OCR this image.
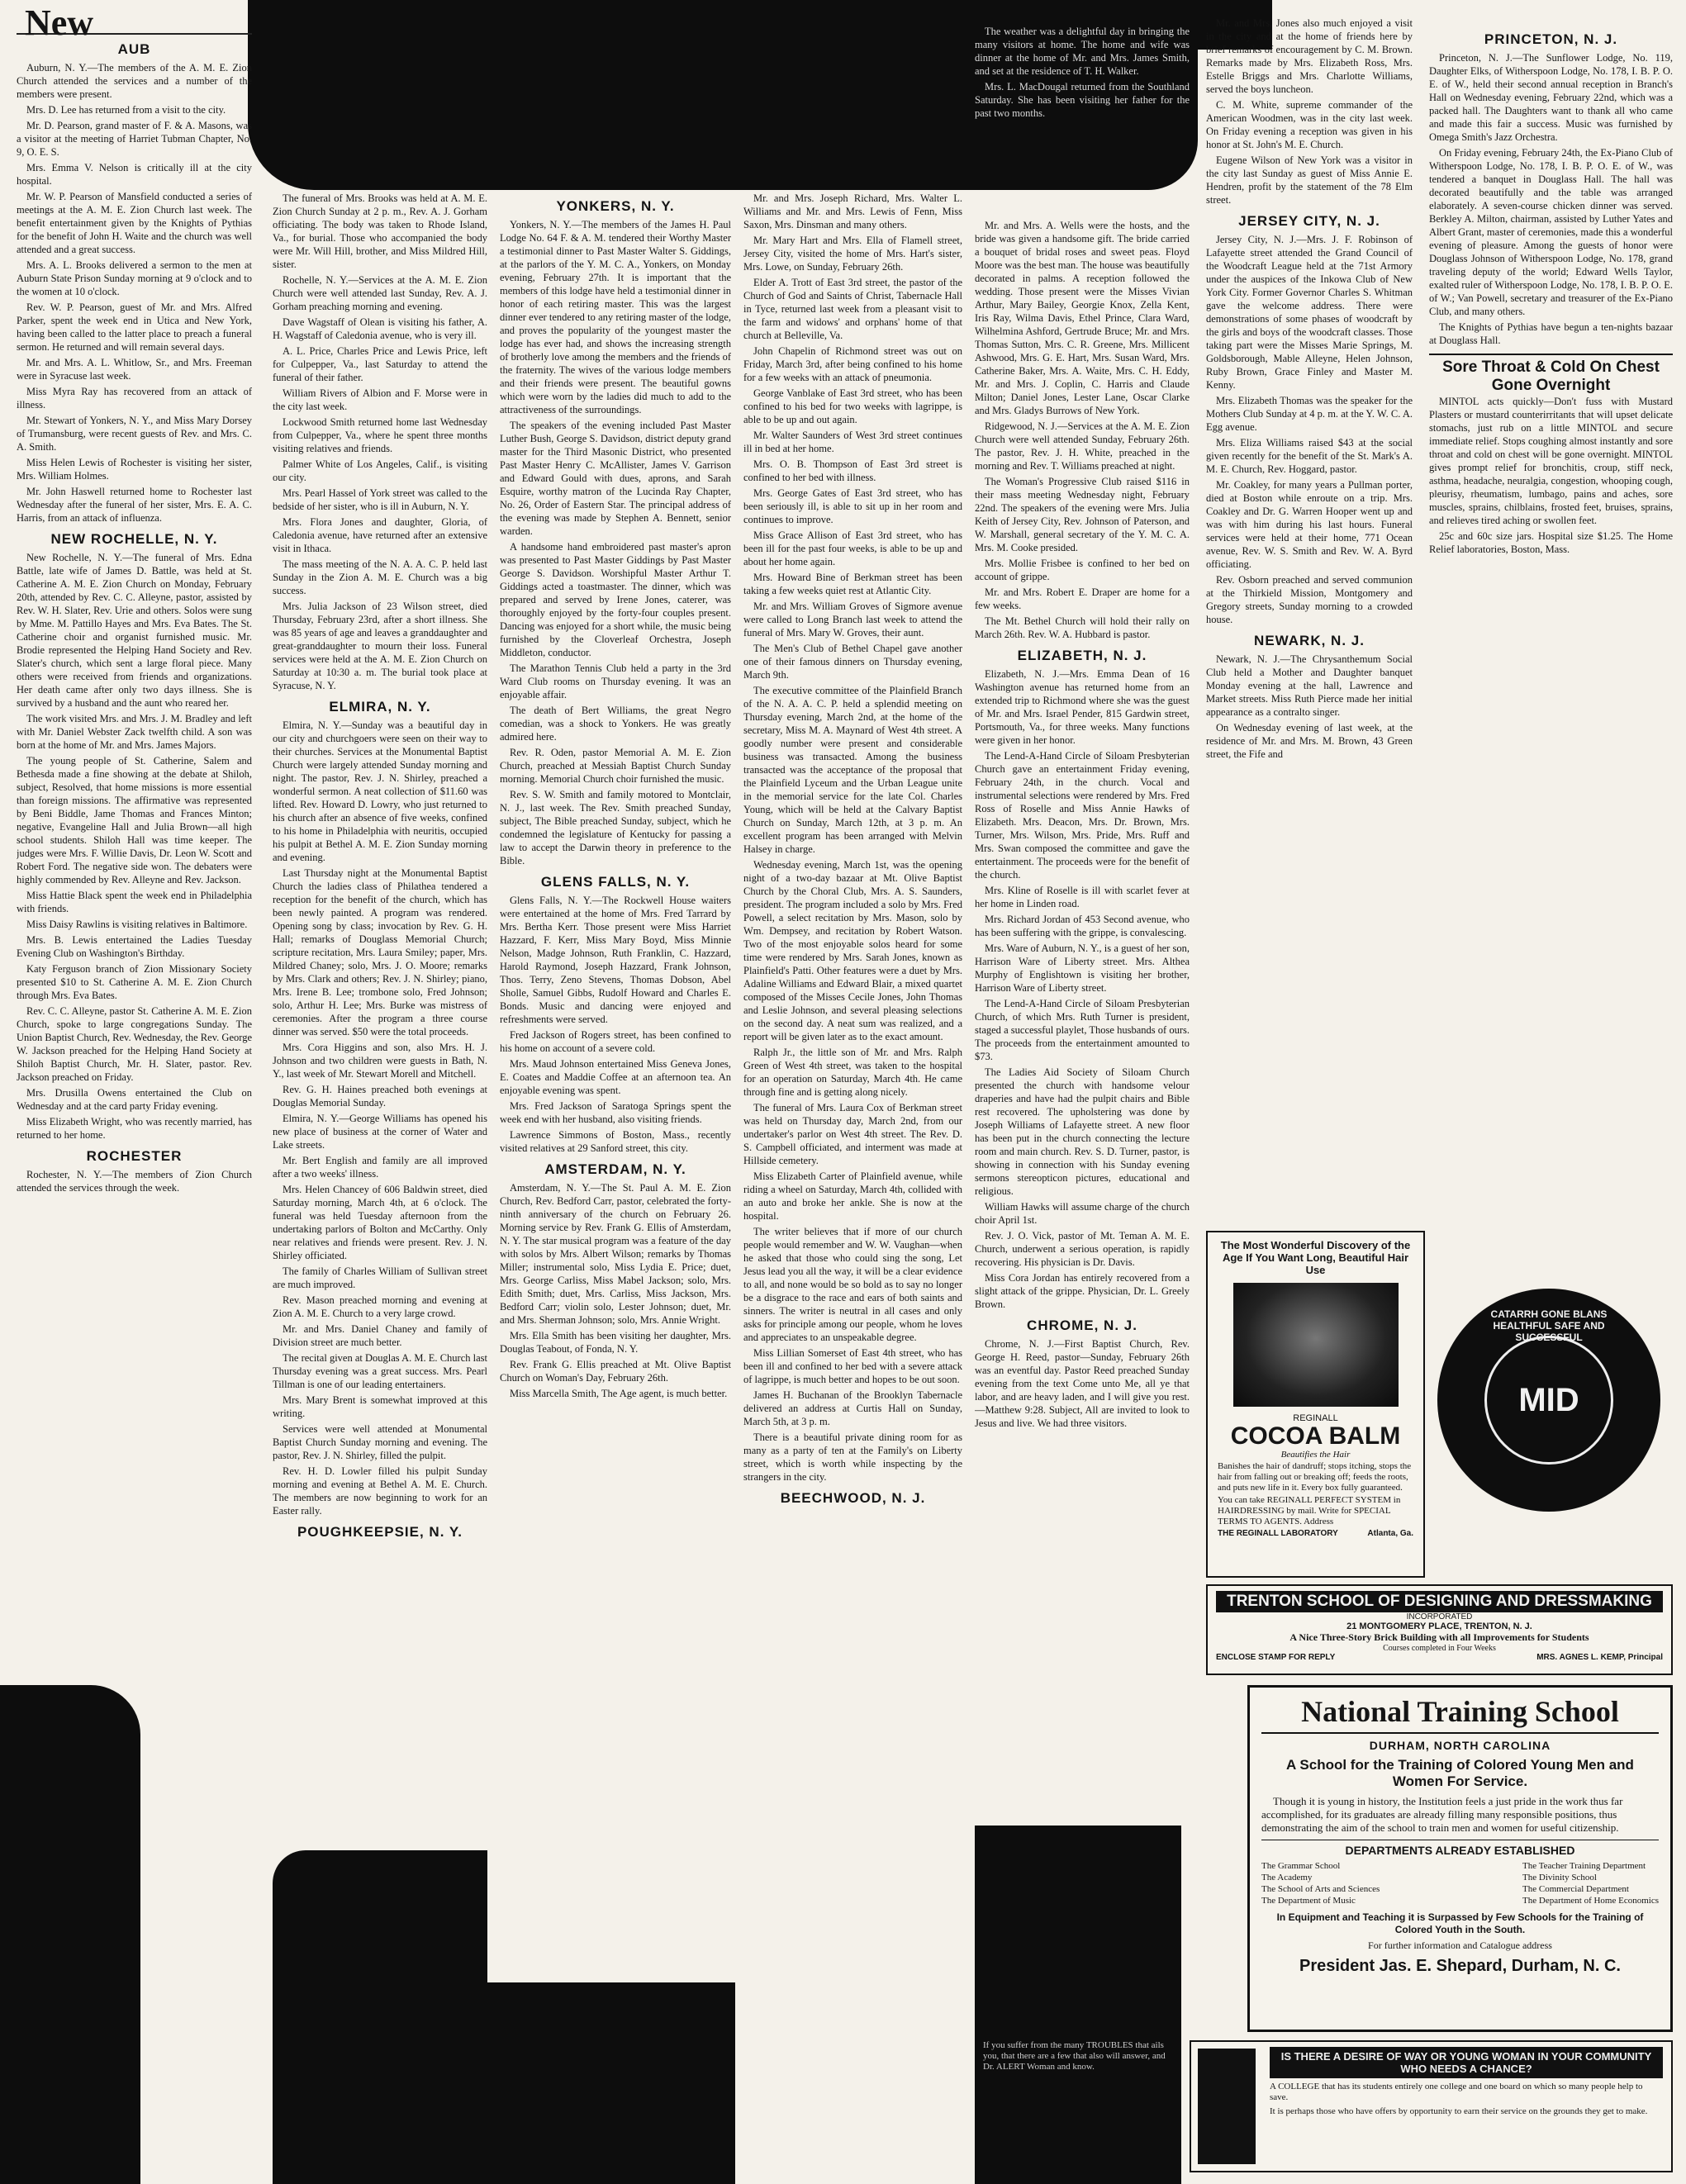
New
AUB

Auburn, N. Y.—The members of the A. M. E. Zion Church attended the services and a number of the members were present.

Mrs. D. Lee has returned from a visit to the city.

Mr. D. Pearson, grand master of F. & A. Masons, was a visitor at the meeting of Harriet Tubman Chapter, No. 9, O. E. S.

Mrs. Emma V. Nelson is critically ill at the city hospital.

Mr. W. P. Pearson of Mansfield conducted a series of meetings at the A. M. E. Zion Church last week. The benefit entertainment given by the Knights of Pythias for the benefit of John H. Waite and the church was well attended and a great success.

Mrs. A. L. Brooks delivered a sermon to the men at Auburn State Prison Sunday morning at 9 o'clock and to the women at 10 o'clock.

Rev. W. P. Pearson, guest of Mr. and Mrs. Alfred Parker, spent the week end in Utica and New York, having been called to the latter place to preach a funeral sermon. He returned and will remain several days.

Mr. and Mrs. A. L. Whitlow, Sr., and Mrs. Freeman were in Syracuse last week.

Miss Myra Ray has recovered from an attack of illness.

Mr. Stewart of Yonkers, N. Y., and Miss Mary Dorsey of Trumansburg, were recent guests of Rev. and Mrs. C. A. Smith.

Miss Helen Lewis of Rochester is visiting her sister, Mrs. William Holmes.

Mr. John Haswell returned home to Rochester last Wednesday after the funeral of her sister, Mrs. E. A. C. Harris, from an attack of influenza.

NEW ROCHELLE, N. Y.

New Rochelle, N. Y.—The funeral of Mrs. Edna Battle, late wife of James D. Battle, was held at St. Catherine A. M. E. Zion Church on Monday, February 20th, attended by Rev. C. C. Alleyne, pastor, assisted by Rev. W. H. Slater, Rev. Urie and others. Solos were sung by Mme. M. Pattillo Hayes and Mrs. Eva Bates. The St. Catherine choir and organist furnished music. Mr. Brodie represented the Helping Hand Society and Rev. Slater's church, which sent a large floral piece. Many others were received from friends and organizations. Her death came after only two days illness. She is survived by a husband and the aunt who reared her.

The work visited Mrs. and Mrs. J. M. Bradley and left with Mr. Daniel Webster Zack twelfth child. A son was born at the home of Mr. and Mrs. James Majors.

The young people of St. Catherine, Salem and Bethesda made a fine showing at the debate at Shiloh, subject, Resolved, that home missions is more essential than foreign missions. The affirmative was represented by Beni Biddle, Jame Thomas and Frances Minton; negative, Evangeline Hall and Julia Brown—all high school students. Shiloh Hall was time keeper. The judges were Mrs. F. Willie Davis, Dr. Leon W. Scott and Robert Ford. The negative side won. The debaters were highly commended by Rev. Alleyne and Rev. Jackson.

Miss Hattie Black spent the week end in Philadelphia with friends.

Miss Daisy Rawlins is visiting relatives in Baltimore.

Mrs. B. Lewis entertained the Ladies Tuesday Evening Club on Washington's Birthday.

Katy Ferguson branch of Zion Missionary Society presented $10 to St. Catherine A. M. E. Zion Church through Mrs. Eva Bates.

Rev. C. C. Alleyne, pastor St. Catherine A. M. E. Zion Church, spoke to large congregations Sunday. The Union Baptist Church, Rev. Wednesday, the Rev. George W. Jackson preached for the Helping Hand Society at Shiloh Baptist Church, Mr. H. Slater, pastor. Rev. Jackson preached on Friday.

Mrs. Drusilla Owens entertained the Club on Wednesday and at the card party Friday evening.

Miss Elizabeth Wright, who was recently married, has returned to her home.

ROCHESTER

Rochester, N. Y.—The members of Zion Church attended the services through the week.

The funeral of Mrs. Brooks was held at A. M. E. Zion Church Sunday at 2 p. m., Rev. A. J. Gorham officiating. The body was taken to Rhode Island, Va., for burial. Those who accompanied the body were Mr. Will Hill, brother, and Miss Mildred Hill, sister.

Rochelle, N. Y.—Services at the A. M. E. Zion Church were well attended last Sunday, Rev. A. J. Gorham preaching morning and evening.

Dave Wagstaff of Olean is visiting his father, A. H. Wagstaff of Caledonia avenue, who is very ill.

A. L. Price, Charles Price and Lewis Price, left for Culpepper, Va., last Saturday to attend the funeral of their father.

William Rivers of Albion and F. Morse were in the city last week.

Lockwood Smith returned home last Wednesday from Culpepper, Va., where he spent three months visiting relatives and friends.

Palmer White of Los Angeles, Calif., is visiting our city.

Mrs. Pearl Hassel of York street was called to the bedside of her sister, who is ill in Auburn, N. Y.

Mrs. Flora Jones and daughter, Gloria, of Caledonia avenue, have returned after an extensive visit in Ithaca.

The mass meeting of the N. A. A. C. P. held last Sunday in the Zion A. M. E. Church was a big success.

Mrs. Julia Jackson of 23 Wilson street, died Thursday, February 23rd, after a short illness. She was 85 years of age and leaves a granddaughter and great-granddaughter to mourn their loss. Funeral services were held at the A. M. E. Zion Church on Saturday at 10:30 a. m. The burial took place at Syracuse, N. Y.

ELMIRA, N. Y.

Elmira, N. Y.—Sunday was a beautiful day in our city and churchgoers were seen on their way to their churches. Services at the Monumental Baptist Church were largely attended Sunday morning and night. The pastor, Rev. J. N. Shirley, preached a wonderful sermon. A neat collection of $11.60 was lifted. Rev. Howard D. Lowry, who just returned to his church after an absence of five weeks, confined to his home in Philadelphia with neuritis, occupied his pulpit at Bethel A. M. E. Zion Sunday morning and evening.

Last Thursday night at the Monumental Baptist Church the ladies class of Philathea tendered a reception for the benefit of the church, which has been newly painted. A program was rendered. Opening song by class; invocation by Rev. G. H. Hall; remarks of Douglass Memorial Church; scripture recitation, Mrs. Laura Smiley; paper, Mrs. Mildred Chaney; solo, Mrs. J. O. Moore; remarks by Mrs. Clark and others; Rev. J. N. Shirley; piano, Mrs. Irene B. Lee; trombone solo, Fred Johnson; solo, Arthur H. Lee; Mrs. Burke was mistress of ceremonies. After the program a three course dinner was served. $50 were the total proceeds.

Mrs. Cora Higgins and son, also Mrs. H. J. Johnson and two children were guests in Bath, N. Y., last week of Mr. Stewart Morell and Mitchell.

Rev. G. H. Haines preached both evenings at Douglas Memorial Sunday.

Elmira, N. Y.—George Williams has opened his new place of business at the corner of Water and Lake streets.

Mr. Bert English and family are all improved after a two weeks' illness.

Mrs. Helen Chancey of 606 Baldwin street, died Saturday morning, March 4th, at 6 o'clock. The funeral was held Tuesday afternoon from the undertaking parlors of Bolton and McCarthy. Only near relatives and friends were present. Rev. J. N. Shirley officiated.

The family of Charles William of Sullivan street are much improved.

Rev. Mason preached morning and evening at Zion A. M. E. Church to a very large crowd.

Mr. and Mrs. Daniel Chaney and family of Division street are much better.

The recital given at Douglas A. M. E. Church last Thursday evening was a great success. Mrs. Pearl Tillman is one of our leading entertainers.

Mrs. Mary Brent is somewhat improved at this writing.

Services were well attended at Monumental Baptist Church Sunday morning and evening. The pastor, Rev. J. N. Shirley, filled the pulpit.

Rev. H. D. Lowler filled his pulpit Sunday morning and evening at Bethel A. M. E. Church. The members are now beginning to work for an Easter rally.

POUGHKEEPSIE, N. Y.
YONKERS, N. Y.

Yonkers, N. Y.—The members of the James H. Paul Lodge No. 64 F. & A. M. tendered their Worthy Master a testimonial dinner to Past Master Walter S. Giddings, at the parlors of the Y. M. C. A., Yonkers, on Monday evening, February 27th. It is important that the members of this lodge have held a testimonial dinner in honor of each retiring master. This was the largest dinner ever tendered to any retiring master of the lodge, and proves the popularity of the youngest master the lodge has ever had, and shows the increasing strength of brotherly love among the members and the friends of the fraternity. The wives of the various lodge members and their friends were present. The beautiful gowns which were worn by the ladies did much to add to the attractiveness of the surroundings.

The speakers of the evening included Past Master Luther Bush, George S. Davidson, district deputy grand master for the Third Masonic District, who presented Past Master Henry C. McAllister, James V. Garrison and Edward Gould with dues, aprons, and Sarah Esquire, worthy matron of the Lucinda Ray Chapter, No. 26, Order of Eastern Star. The principal address of the evening was made by Stephen A. Bennett, senior warden.

A handsome hand embroidered past master's apron was presented to Past Master Giddings by Past Master George S. Davidson. Worshipful Master Arthur T. Giddings acted a toastmaster. The dinner, which was prepared and served by Irene Jones, caterer, was thoroughly enjoyed by the forty-four couples present. Dancing was enjoyed for a short while, the music being furnished by the Cloverleaf Orchestra, Joseph Middleton, conductor.

The Marathon Tennis Club held a party in the 3rd Ward Club rooms on Thursday evening. It was an enjoyable affair.

The death of Bert Williams, the great Negro comedian, was a shock to Yonkers. He was greatly admired here.

Rev. R. Oden, pastor Memorial A. M. E. Zion Church, preached at Messiah Baptist Church Sunday morning. Memorial Church choir furnished the music.

Rev. S. W. Smith and family motored to Montclair, N. J., last week. The Rev. Smith preached Sunday, subject, The Bible preached Sunday, subject, which he condemned the legislature of Kentucky for passing a law to accept the Darwin theory in preference to the Bible.

GLENS FALLS, N. Y.

Glens Falls, N. Y.—The Rockwell House waiters were entertained at the home of Mrs. Fred Tarrard by Mrs. Bertha Kerr. Those present were Miss Harriet Hazzard, F. Kerr, Miss Mary Boyd, Miss Minnie Nelson, Madge Johnson, Ruth Franklin, C. Hazzard, Harold Raymond, Joseph Hazzard, Frank Johnson, Thos. Terry, Zeno Stevens, Thomas Dobson, Abel Sholle, Samuel Gibbs, Rudolf Howard and Charles E. Bonds. Music and dancing were enjoyed and refreshments were served.

Fred Jackson of Rogers street, has been confined to his home on account of a severe cold.

Mrs. Maud Johnson entertained Miss Geneva Jones, E. Coates and Maddie Coffee at an afternoon tea. An enjoyable evening was spent.

Mrs. Fred Jackson of Saratoga Springs spent the week end with her husband, also visiting friends.

Lawrence Simmons of Boston, Mass., recently visited relatives at 29 Sanford street, this city.

AMSTERDAM, N. Y.

Amsterdam, N. Y.—The St. Paul A. M. E. Zion Church, Rev. Bedford Carr, pastor, celebrated the forty-ninth anniversary of the church on February 26. Morning service by Rev. Frank G. Ellis of Amsterdam, N. Y. The star musical program was a feature of the day with solos by Mrs. Albert Wilson; remarks by Thomas Miller; instrumental solo, Miss Lydia E. Price; duet, Mrs. George Carliss, Miss Mabel Jackson; solo, Mrs. Edith Smith; duet, Mrs. Carliss, Miss Jackson, Mrs. Bedford Carr; violin solo, Lester Johnson; duet, Mr. and Mrs. Sherman Johnson; solo, Mrs. Annie Wright.

Mrs. Ella Smith has been visiting her daughter, Mrs. Douglas Teabout, of Fonda, N. Y.

Rev. Frank G. Ellis preached at Mt. Olive Baptist Church on Woman's Day, February 26th.

Miss Marcella Smith, The Age agent, is much better.

Mr. and Mrs. Joseph Richard, Mrs. Walter L. Williams and Mr. and Mrs. Lewis of Fenn, Miss Saxon, Mrs. Dinsman and many others.

Mr. Mary Hart and Mrs. Ella of Flamell street, Jersey City, visited the home of Mrs. Hart's sister, Mrs. Lowe, on Sunday, February 26th.

Elder A. Trott of East 3rd street, the pastor of the Church of God and Saints of Christ, Tabernacle Hall in Tyce, returned last week from a pleasant visit to the farm and widows' and orphans' home of that church at Belleville, Va.

John Chapelin of Richmond street was out on Friday, March 3rd, after being confined to his home for a few weeks with an attack of pneumonia.

George Vanblake of East 3rd street, who has been confined to his bed for two weeks with lagrippe, is able to be up and out again.

Mr. Walter Saunders of West 3rd street continues ill in bed at her home.

Mrs. O. B. Thompson of East 3rd street is confined to her bed with illness.

Mrs. George Gates of East 3rd street, who has been seriously ill, is able to sit up in her room and continues to improve.

Miss Grace Allison of East 3rd street, who has been ill for the past four weeks, is able to be up and about her home again.

Mrs. Howard Bine of Berkman street has been taking a few weeks quiet rest at Atlantic City.

Mr. and Mrs. William Groves of Sigmore avenue were called to Long Branch last week to attend the funeral of Mrs. Mary W. Groves, their aunt.

The Men's Club of Bethel Chapel gave another one of their famous dinners on Thursday evening, March 9th.

The executive committee of the Plainfield Branch of the N. A. A. C. P. held a splendid meeting on Thursday evening, March 2nd, at the home of the secretary, Miss M. A. Maynard of West 4th street. A goodly number were present and considerable business was transacted. Among the business transacted was the acceptance of the proposal that the Plainfield Lyceum and the Urban League unite in the memorial service for the late Col. Charles Young, which will be held at the Calvary Baptist Church on Sunday, March 12th, at 3 p. m. An excellent program has been arranged with Melvin Halsey in charge.

Wednesday evening, March 1st, was the opening night of a two-day bazaar at Mt. Olive Baptist Church by the Choral Club, Mrs. A. S. Saunders, president. The program included a solo by Mrs. Fred Powell, a select recitation by Mrs. Mason, solo by Wm. Dempsey, and recitation by Robert Watson. Two of the most enjoyable solos heard for some time were rendered by Mrs. Sarah Jones, known as Plainfield's Patti. Other features were a duet by Mrs. Adaline Williams and Edward Blair, a mixed quartet composed of the Misses Cecile Jones, John Thomas and Leslie Johnson, and several pleasing selections on the second day. A neat sum was realized, and a report will be given later as to the exact amount.

Ralph Jr., the little son of Mr. and Mrs. Ralph Green of West 4th street, was taken to the hospital for an operation on Saturday, March 4th. He came through fine and is getting along nicely.

The funeral of Mrs. Laura Cox of Berkman street was held on Thursday day, March 2nd, from our undertaker's parlor on West 4th street. The Rev. D. S. Campbell officiated, and interment was made at Hillside cemetery.

Miss Elizabeth Carter of Plainfield avenue, while riding a wheel on Saturday, March 4th, collided with an auto and broke her ankle. She is now at the hospital.

The writer believes that if more of our church people would remember and W. W. Vaughan—when he asked that those who could sing the song, Let Jesus lead you all the way, it will be a clear evidence to all, and none would be so bold as to say no longer be a disgrace to the race and ears of both saints and sinners. The writer is neutral in all cases and only asks for principle among our people, whom he loves and appreciates to an unspeakable degree.

Miss Lillian Somerset of East 4th street, who has been ill and confined to her bed with a severe attack of lagrippe, is much better and hopes to be out soon.

James H. Buchanan of the Brooklyn Tabernacle delivered an address at Curtis Hall on Sunday, March 5th, at 3 p. m.

There is a beautiful private dining room for as many as a party of ten at the Family's on Liberty street, which is worth while inspecting by the strangers in the city.

BEECHWOOD, N. J.

The weather was a delightful day in bringing the many visitors at home. The home and wife was dinner at the home of Mr. and Mrs. James Smith, and set at the residence of T. H. Walker.

Mrs. L. MacDougal returned from the Southland Saturday. She has been visiting her father for the past two months.

Mr. and Mrs. A. Wells were the hosts, and the bride was given a handsome gift. The bride carried a bouquet of bridal roses and sweet peas. Floyd Moore was the best man. The house was beautifully decorated in palms. A reception followed the wedding. Those present were the Misses Vivian Arthur, Mary Bailey, Georgie Knox, Zella Kent, Iris Ray, Wilma Davis, Ethel Prince, Clara Ward, Wilhelmina Ashford, Gertrude Bruce; Mr. and Mrs. Thomas Sutton, Mrs. C. R. Greene, Mrs. Millicent Ashwood, Mrs. G. E. Hart, Mrs. Susan Ward, Mrs. Catherine Baker, Mrs. A. Waite, Mrs. C. H. Eddy, Mr. and Mrs. J. Coplin, C. Harris and Claude Milton; Daniel Jones, Lester Lane, Oscar Clarke and Mrs. Gladys Burrows of New York.

Ridgewood, N. J.—Services at the A. M. E. Zion Church were well attended Sunday, February 26th. The pastor, Rev. J. H. White, preached in the morning and Rev. T. Williams preached at night.

The Woman's Progressive Club raised $116 in their mass meeting Wednesday night, February 22nd. The speakers of the evening were Mrs. Julia Keith of Jersey City, Rev. Johnson of Paterson, and W. Marshall, general secretary of the Y. M. C. A. Mrs. M. Cooke presided.

Mrs. Mollie Frisbee is confined to her bed on account of grippe.

Mr. and Mrs. Robert E. Draper are home for a few weeks.

The Mt. Bethel Church will hold their rally on March 26th. Rev. W. A. Hubbard is pastor.

ELIZABETH, N. J.

Elizabeth, N. J.—Mrs. Emma Dean of 16 Washington avenue has returned home from an extended trip to Richmond where she was the guest of Mr. and Mrs. Israel Pender, 815 Gardwin street, Portsmouth, Va., for three weeks. Many functions were given in her honor.

The Lend-A-Hand Circle of Siloam Presbyterian Church gave an entertainment Friday evening, February 24th, in the church. Vocal and instrumental selections were rendered by Mrs. Fred Ross of Roselle and Miss Annie Hawks of Elizabeth. Mrs. Deacon, Mrs. Dr. Brown, Mrs. Turner, Mrs. Wilson, Mrs. Pride, Mrs. Ruff and Mrs. Swan composed the committee and gave the entertainment. The proceeds were for the benefit of the church.

Mrs. Kline of Roselle is ill with scarlet fever at her home in Linden road.

Mrs. Richard Jordan of 453 Second avenue, who has been suffering with the grippe, is convalescing.

Mrs. Ware of Auburn, N. Y., is a guest of her son, Harrison Ware of Liberty street. Mrs. Althea Murphy of Englishtown is visiting her brother, Harrison Ware of Liberty street.

The Lend-A-Hand Circle of Siloam Presbyterian Church, of which Mrs. Ruth Turner is president, staged a successful playlet, Those husbands of ours. The proceeds from the entertainment amounted to $73.

The Ladies Aid Society of Siloam Church presented the church with handsome velour draperies and have had the pulpit chairs and Bible rest recovered. The upholstering was done by Joseph Williams of Lafayette street. A new floor has been put in the church connecting the lecture room and main church. Rev. S. D. Turner, pastor, is showing in connection with his Sunday evening sermons stereopticon pictures, educational and religious.

William Hawks will assume charge of the church choir April 1st.

Rev. J. O. Vick, pastor of Mt. Teman A. M. E. Church, underwent a serious operation, is rapidly recovering. His physician is Dr. Davis.

Miss Cora Jordan has entirely recovered from a slight attack of the grippe. Physician, Dr. L. Greely Brown.

CHROME, N. J.

Chrome, N. J.—First Baptist Church, Rev. George H. Reed, pastor—Sunday, February 26th was an eventful day. Pastor Reed preached Sunday evening from the text Come unto Me, all ye that labor, and are heavy laden, and I will give you rest.—Matthew 9:28. Subject, All are invited to look to Jesus and live. We had three visitors.

Mr. and Mrs. Jones also much enjoyed a visit in the city and at the home of friends here by brief remarks of encouragement by C. M. Brown. Remarks made by Mrs. Elizabeth Ross, Mrs. Estelle Briggs and Mrs. Charlotte Williams, served the boys luncheon.

C. M. White, supreme commander of the American Woodmen, was in the city last week. On Friday evening a reception was given in his honor at St. John's M. E. Church.

Eugene Wilson of New York was a visitor in the city last Sunday as guest of Miss Annie E. Hendren, profit by the statement of the 78 Elm street.

JERSEY CITY, N. J.

Jersey City, N. J.—Mrs. J. F. Robinson of Lafayette street attended the Grand Council of the Woodcraft League held at the 71st Armory under the auspices of the Inkowa Club of New York City. Former Governor Charles S. Whitman gave the welcome address. There were demonstrations of some phases of woodcraft by the girls and boys of the woodcraft classes. Those taking part were the Misses Marie Springs, M. Goldsborough, Mable Alleyne, Helen Johnson, Ruby Brown, Grace Finley and Master M. Kenny.

Mrs. Elizabeth Thomas was the speaker for the Mothers Club Sunday at 4 p. m. at the Y. W. C. A. Egg avenue.

Mrs. Eliza Williams raised $43 at the social given recently for the benefit of the St. Mark's A. M. E. Church, Rev. Hoggard, pastor.

Mr. Coakley, for many years a Pullman porter, died at Boston while enroute on a trip. Mrs. Coakley and Dr. G. Warren Hooper went up and was with him during his last hours. Funeral services were held at their home, 771 Ocean avenue, Rev. W. S. Smith and Rev. W. A. Byrd officiating.

Rev. Osborn preached and served communion at the Thirkield Mission, Montgomery and Gregory streets, Sunday morning to a crowded house.

NEWARK, N. J.

Newark, N. J.—The Chrysanthemum Social Club held a Mother and Daughter banquet Monday evening at the hall, Lawrence and Market streets. Miss Ruth Pierce made her initial appearance as a contralto singer.

On Wednesday evening of last week, at the residence of Mr. and Mrs. M. Brown, 43 Green street, the Fife and

PRINCETON, N. J.

Princeton, N. J.—The Sunflower Lodge, No. 119, Daughter Elks, of Witherspoon Lodge, No. 178, I. B. P. O. E. of W., held their second annual reception in Branch's Hall on Wednesday evening, February 22nd, which was a packed hall. The Daughters want to thank all who came and made this fair a success. Music was furnished by Omega Smith's Jazz Orchestra.

On Friday evening, February 24th, the Ex-Piano Club of Witherspoon Lodge, No. 178, I. B. P. O. E. of W., was tendered a banquet in Douglass Hall. The hall was decorated beautifully and the table was arranged elaborately. A seven-course chicken dinner was served. Berkley A. Milton, chairman, assisted by Luther Yates and Albert Grant, master of ceremonies, made this a wonderful evening of pleasure. Among the guests of honor were Douglass Johnson of Witherspoon Lodge, No. 178, grand traveling deputy of the world; Edward Wells Taylor, exalted ruler of Witherspoon Lodge, No. 178, I. B. P. O. E. of W.; Van Powell, secretary and treasurer of the Ex-Piano Club, and many others.

The Knights of Pythias have begun a ten-nights bazaar at Douglass Hall.

Sore Throat & Cold On Chest Gone Overnight

MINTOL acts quickly—Don't fuss with Mustard Plasters or mustard counterirritants that will upset delicate stomachs, just rub on a little MINTOL and secure immediate relief. Stops coughing almost instantly and sore throat and cold on chest will be gone overnight. MINTOL gives prompt relief for bronchitis, croup, stiff neck, asthma, headache, neuralgia, congestion, whooping cough, pleurisy, rheumatism, lumbago, pains and aches, sore muscles, sprains, chilblains, frosted feet, bruises, sprains, and relieves tired aching or swollen feet.

25c and 60c size jars. Hospital size $1.25. The Home Relief laboratories, Boston, Mass.

The Most Wonderful Discovery of the Age If You Want Long, Beautiful Hair Use
REGINALL
COCOA BALM
Beautifies the Hair

Banishes the hair of dandruff; stops itching, stops the hair from falling out or breaking off; feeds the roots, and puts new life in it. Every box fully guaranteed.

You can take REGINALL PERFECT SYSTEM in HAIRDRESSING by mail. Write for SPECIAL TERMS TO AGENTS. Address

THE REGINALL LABORATORY	Atlanta, Ga.
CATARRH GONE BLANS HEALTHFUL SAFE AND SUCCESSFUL
MID
TRENTON SCHOOL OF DESIGNING AND DRESSMAKING
INCORPORATED
21 MONTGOMERY PLACE, TRENTON, N. J.
A Nice Three-Story Brick Building with all Improvements for Students
Courses completed in Four Weeks
ENCLOSE STAMP FOR REPLY	MRS. AGNES L. KEMP, Principal
National Training School
DURHAM, NORTH CAROLINA
A School for the Training of Colored Young Men and Women For Service.

Though it is young in history, the Institution feels a just pride in the work thus far accomplished, for its graduates are already filling many responsible positions, thus demonstrating the aim of the school to train men and women for useful citizenship.

DEPARTMENTS ALREADY ESTABLISHED
The Grammar School
The Academy
The School of Arts and Sciences
The Department of Music
The Teacher Training Department
The Divinity School
The Commercial Department
The Department of Home Economics
In Equipment and Teaching it is Surpassed by Few Schools for the Training of Colored Youth in the South.
For further information and Catalogue address
President Jas. E. Shepard, Durham, N. C.
IS THERE A DESIRE OF WAY OR YOUNG WOMAN IN YOUR COMMUNITY WHO NEEDS A CHANCE?

A COLLEGE that has its students entirely one college and one board on which so many people help to save.

It is perhaps those who have offers by opportunity to earn their service on the grounds they get to make.

If you suffer from the many TROUBLES that ails you, that there are a few that also will answer, and Dr. ALERT Woman and know.
